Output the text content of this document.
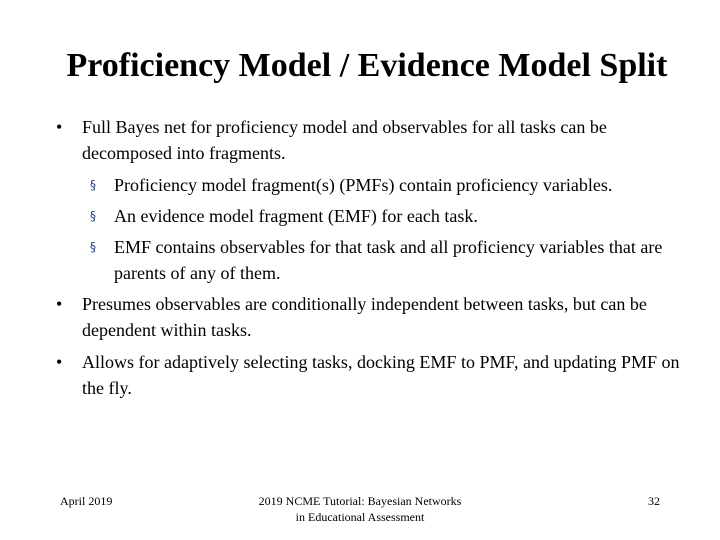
Proficiency Model / Evidence Model Split
•	Full Bayes net for proficiency model and observables for all tasks can be decomposed into fragments.
§ Proficiency model fragment(s) (PMFs) contain proficiency variables.
§ An evidence model fragment (EMF) for each task.
§ EMF contains observables for that task and all proficiency variables that are parents of any of them.
•	Presumes observables are conditionally independent between tasks, but can be dependent within tasks.
•	Allows for adaptively selecting tasks, docking EMF to PMF, and updating PMF on the fly.
April 2019	2019 NCME Tutorial: Bayesian Networks
in Educational Assessment
32
